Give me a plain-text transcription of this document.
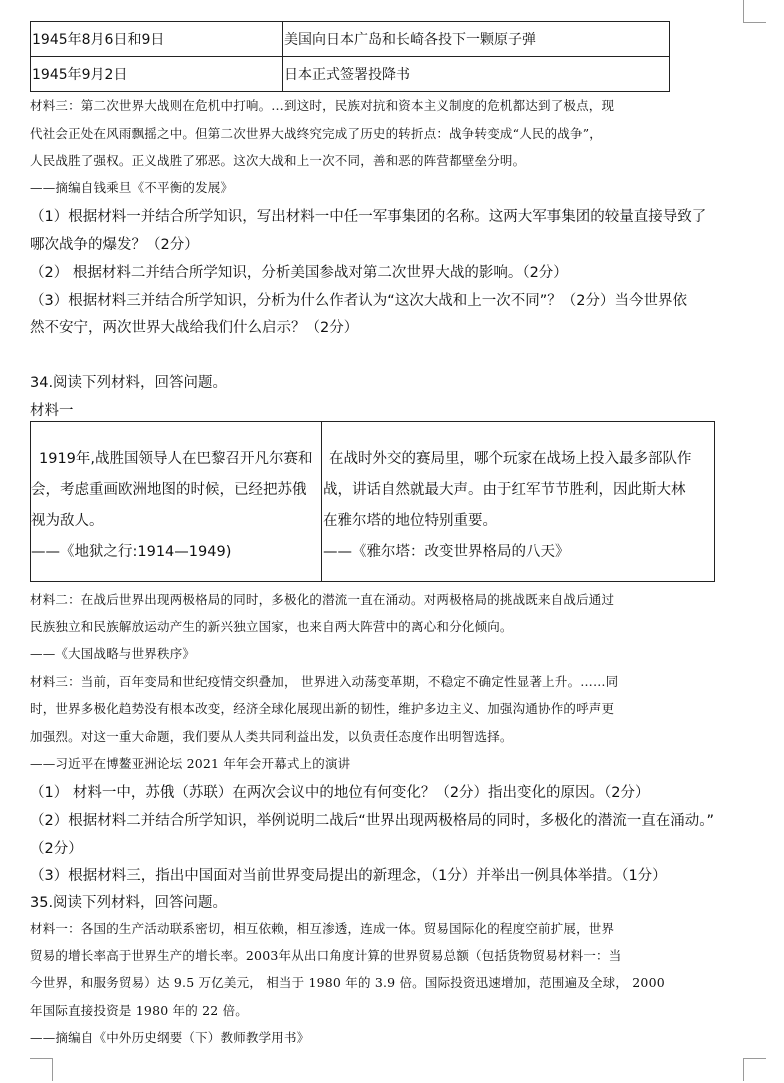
1945年8月6日和9日	美国向日本广岛和长崎各投下一颗原子弹
1945年9月2日	日本正式签署投降书
材料三：第二次世界大战则在危机中打响。…到这时，民族对抗和资本主义制度的危机都达到了极点，现
代社会正处在风雨飘摇之中。但第二次世界大战终究完成了历史的转折点：战争转变成“人民的战争”，
人民战胜了强权。正义战胜了邪恶。这次大战和上一次不同，善和恶的阵营都壁垒分明。
——摘编自钱乘旦《不平衡的发展》
（1）根据材料一并结合所学知识，写出材料一中任一军事集团的名称。这两大军事集团的较量直接导致了
哪次战争的爆发？（2分）
（2） 根据材料二并结合所学知识，分析美国参战对第二次世界大战的影响。（2分）
（3）根据材料三并结合所学知识，分析为什么作者认为“这次大战和上一次不同”？（2分）当今世界依
然不安宁，两次世界大战给我们什么启示？（2分）
34.阅读下列材料，回答问题。
材料一
1919年,战胜国领导人在巴黎召开凡尔赛和
会，考虑重画欧洲地图的时候，已经把苏俄
视为敌人。
——《地狱之行:1914—1949)
在战时外交的赛局里，哪个玩家在战场上投入最多部队作
战，讲话自然就最大声。由于红军节节胜利，因此斯大林
在雅尔塔的地位特别重要。
——《雅尔塔：改变世界格局的八天》
材料二：在战后世界出现两极格局的同时，多极化的潜流一直在涌动。对两极格局的挑战既来自战后通过
民族独立和民族解放运动产生的新兴独立国家，也来自两大阵营中的离心和分化倾向。
——《大国战略与世界秩序》
材料三：当前，百年变局和世纪疫情交织叠加， 世界进入动荡变革期，不稳定不确定性显著上升。……同
时，世界多极化趋势没有根本改变，经济全球化展现出新的韧性，维护多边主义、加强沟通协作的呼声更
加强烈。对这一重大命题，我们要从人类共同利益出发，以负责任态度作出明智选择。
——习近平在博鳌亚洲论坛 2021 年年会开幕式上的演讲
（1） 材料一中，苏俄（苏联）在两次会议中的地位有何变化？（2分）指出变化的原因。（2分）
（2）根据材料二并结合所学知识，举例说明二战后“世界出现两极格局的同时，多极化的潜流一直在涌动。”
（2分）
（3）根据材料三，指出中国面对当前世界变局提出的新理念，（1分）并举出一例具体举措。（1分）
35.阅读下列材料，回答问题。
材料一：各国的生产活动联系密切，相互依赖，相互渗透，连成一体。贸易国际化的程度空前扩展，世界
贸易的增长率高于世界生产的增长率。2003年从出口角度计算的世界贸易总额（包括货物贸易材料一：当
今世界，和服务贸易）达 9.5 万亿美元， 相当于 1980 年的 3.9 倍。国际投资迅速增加，范围遍及全球， 2000
年国际直接投资是 1980 年的 22 倍。
——摘编自《中外历史纲要（下）教师教学用书》
